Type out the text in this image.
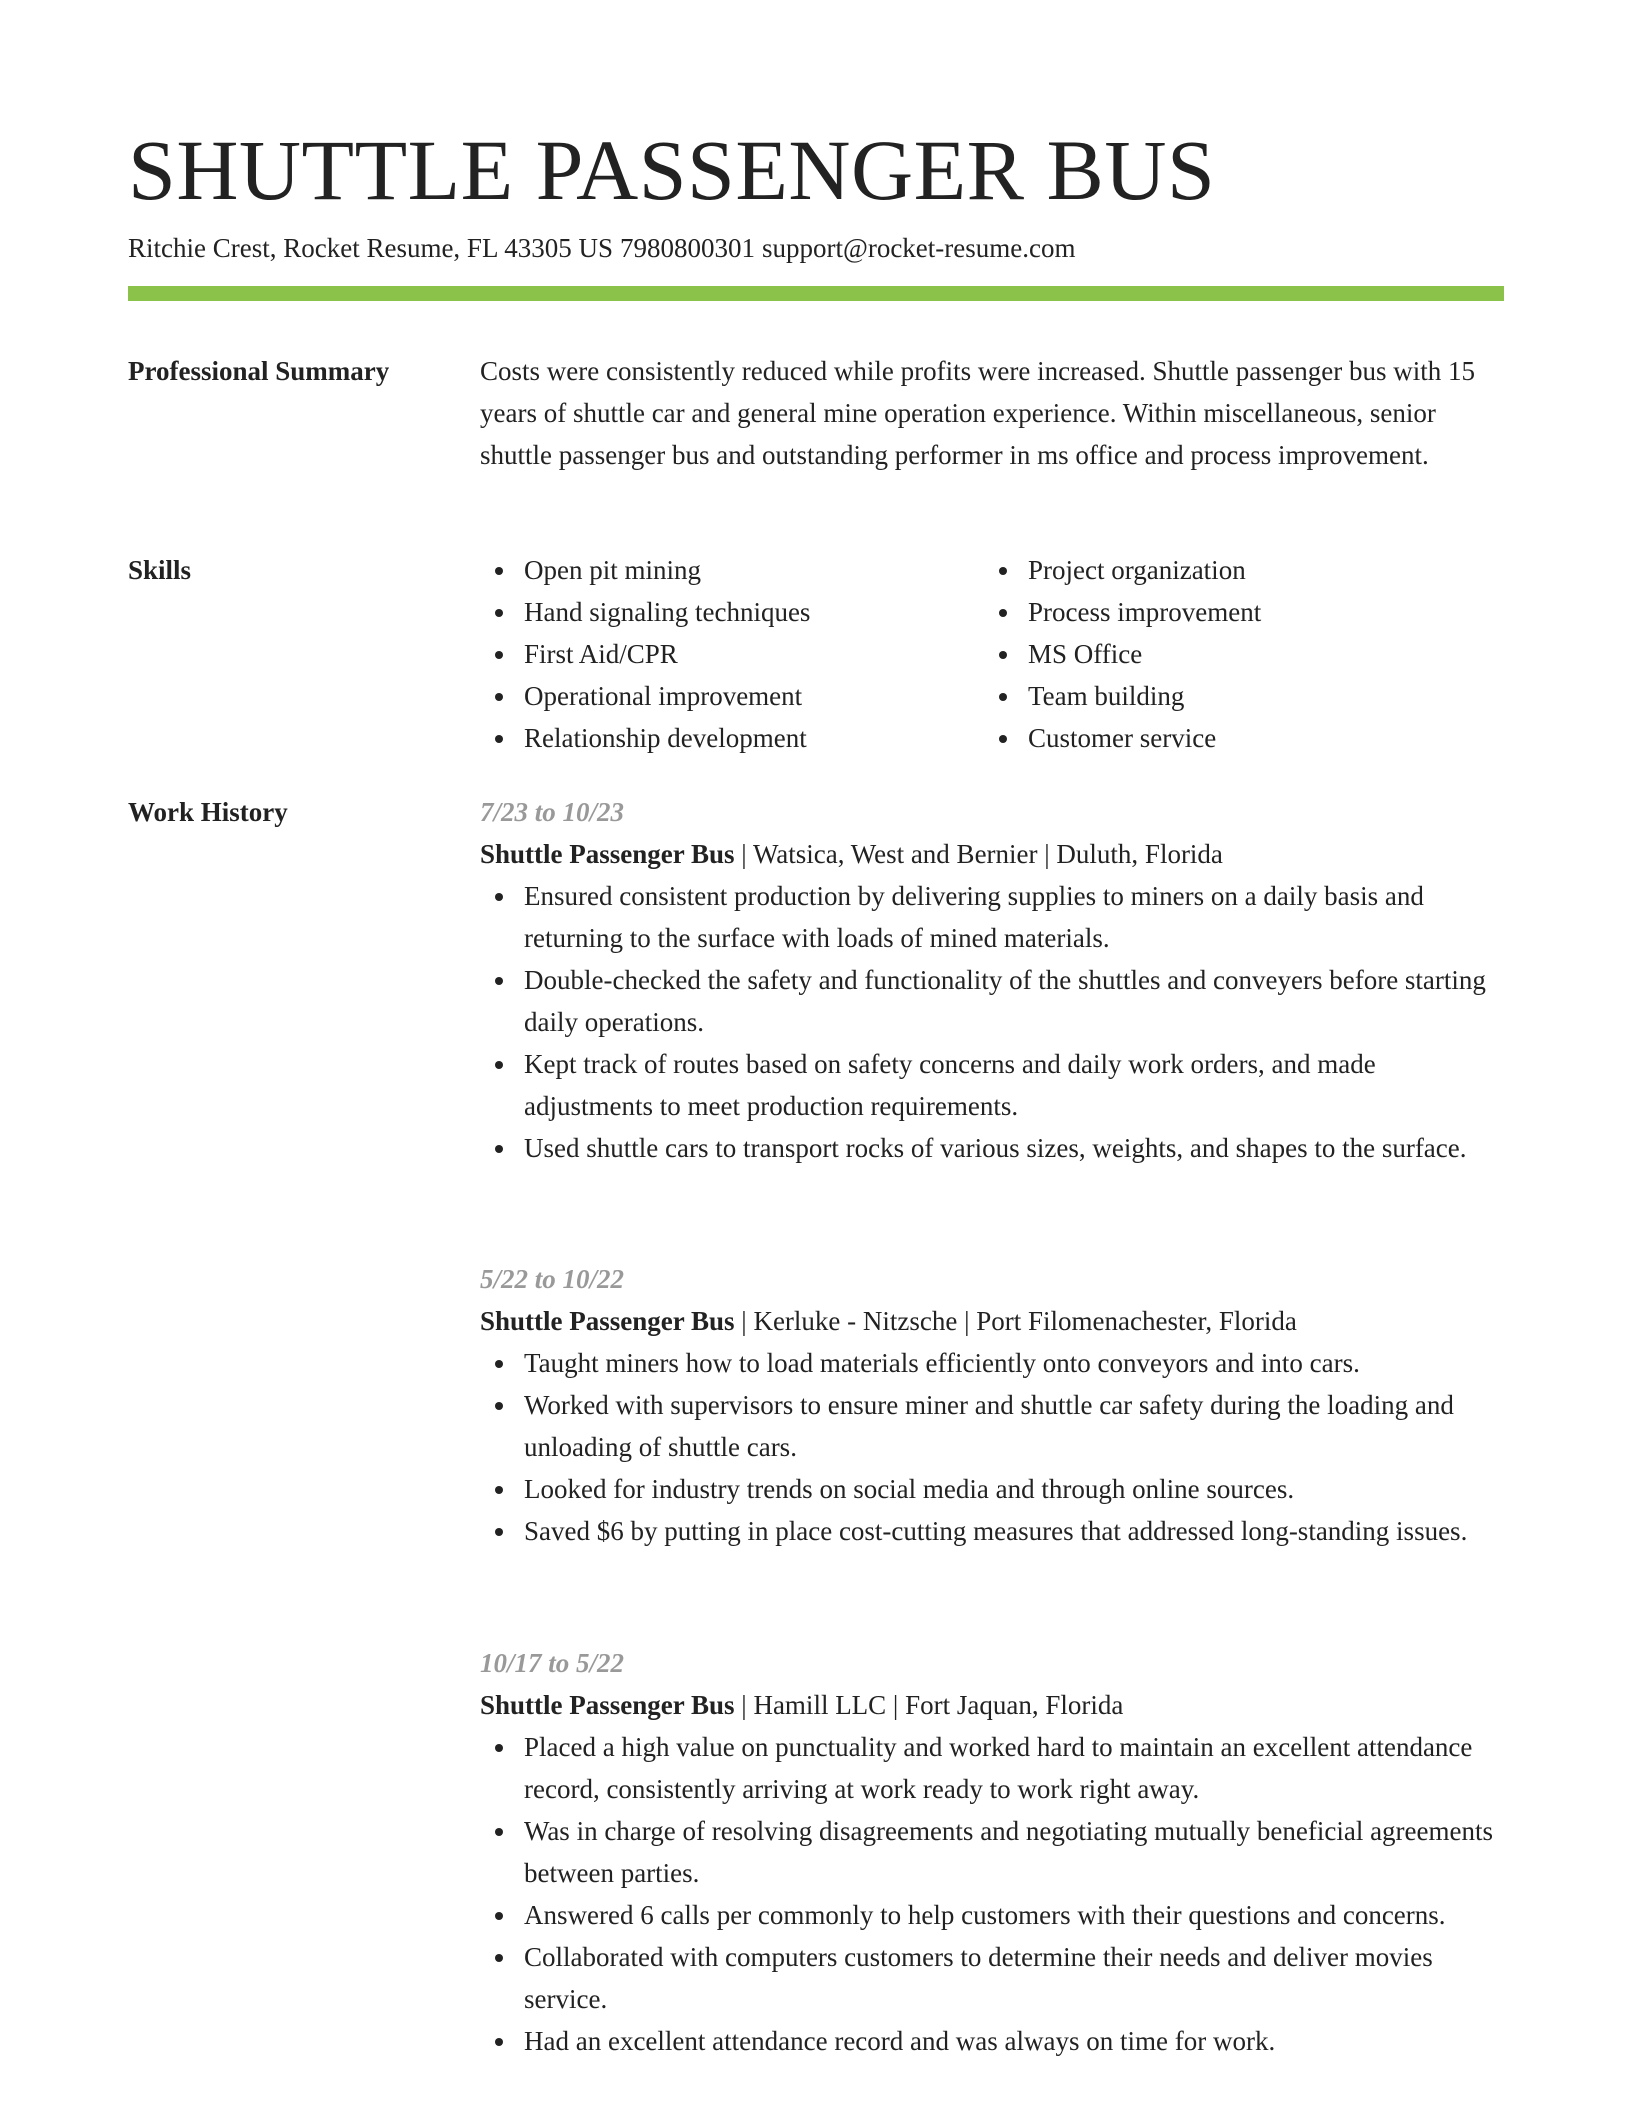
SHUTTLE PASSENGER BUS
Ritchie Crest, Rocket Resume, FL 43305 US 7980800301 support@rocket-resume.com
Professional Summary	Costs were consistently reduced while profits were increased. Shuttle passenger bus with 15 years of shuttle car and general mine operation experience. Within miscellaneous, senior shuttle passenger bus and outstanding performer in ms office and process improvement.

Skills	Open pit mining
Hand signaling techniques
First Aid/CPR
Operational improvement
Relationship development
Project organization
Process improvement
MS Office
Team building
Customer service
Work History	7/23 to 10/23
Shuttle Passenger Bus | Watsica, West and Bernier | Duluth, Florida
Ensured consistent production by delivering supplies to miners on a daily basis and returning to the surface with loads of mined materials.
Double-checked the safety and functionality of the shuttles and conveyers before starting daily operations.
Kept track of routes based on safety concerns and daily work orders, and made adjustments to meet production requirements.
Used shuttle cars to transport rocks of various sizes, weights, and shapes to the surface.
5/22 to 10/22
Shuttle Passenger Bus | Kerluke - Nitzsche | Port Filomenachester, Florida
Taught miners how to load materials efficiently onto conveyors and into cars.
Worked with supervisors to ensure miner and shuttle car safety during the loading and unloading of shuttle cars.
Looked for industry trends on social media and through online sources.
Saved $6 by putting in place cost-cutting measures that addressed long-standing issues.
10/17 to 5/22
Shuttle Passenger Bus | Hamill LLC | Fort Jaquan, Florida
Placed a high value on punctuality and worked hard to maintain an excellent attendance record, consistently arriving at work ready to work right away.
Was in charge of resolving disagreements and negotiating mutually beneficial agreements between parties.
Answered 6 calls per commonly to help customers with their questions and concerns.
Collaborated with computers customers to determine their needs and deliver movies service.
Had an excellent attendance record and was always on time for work.
